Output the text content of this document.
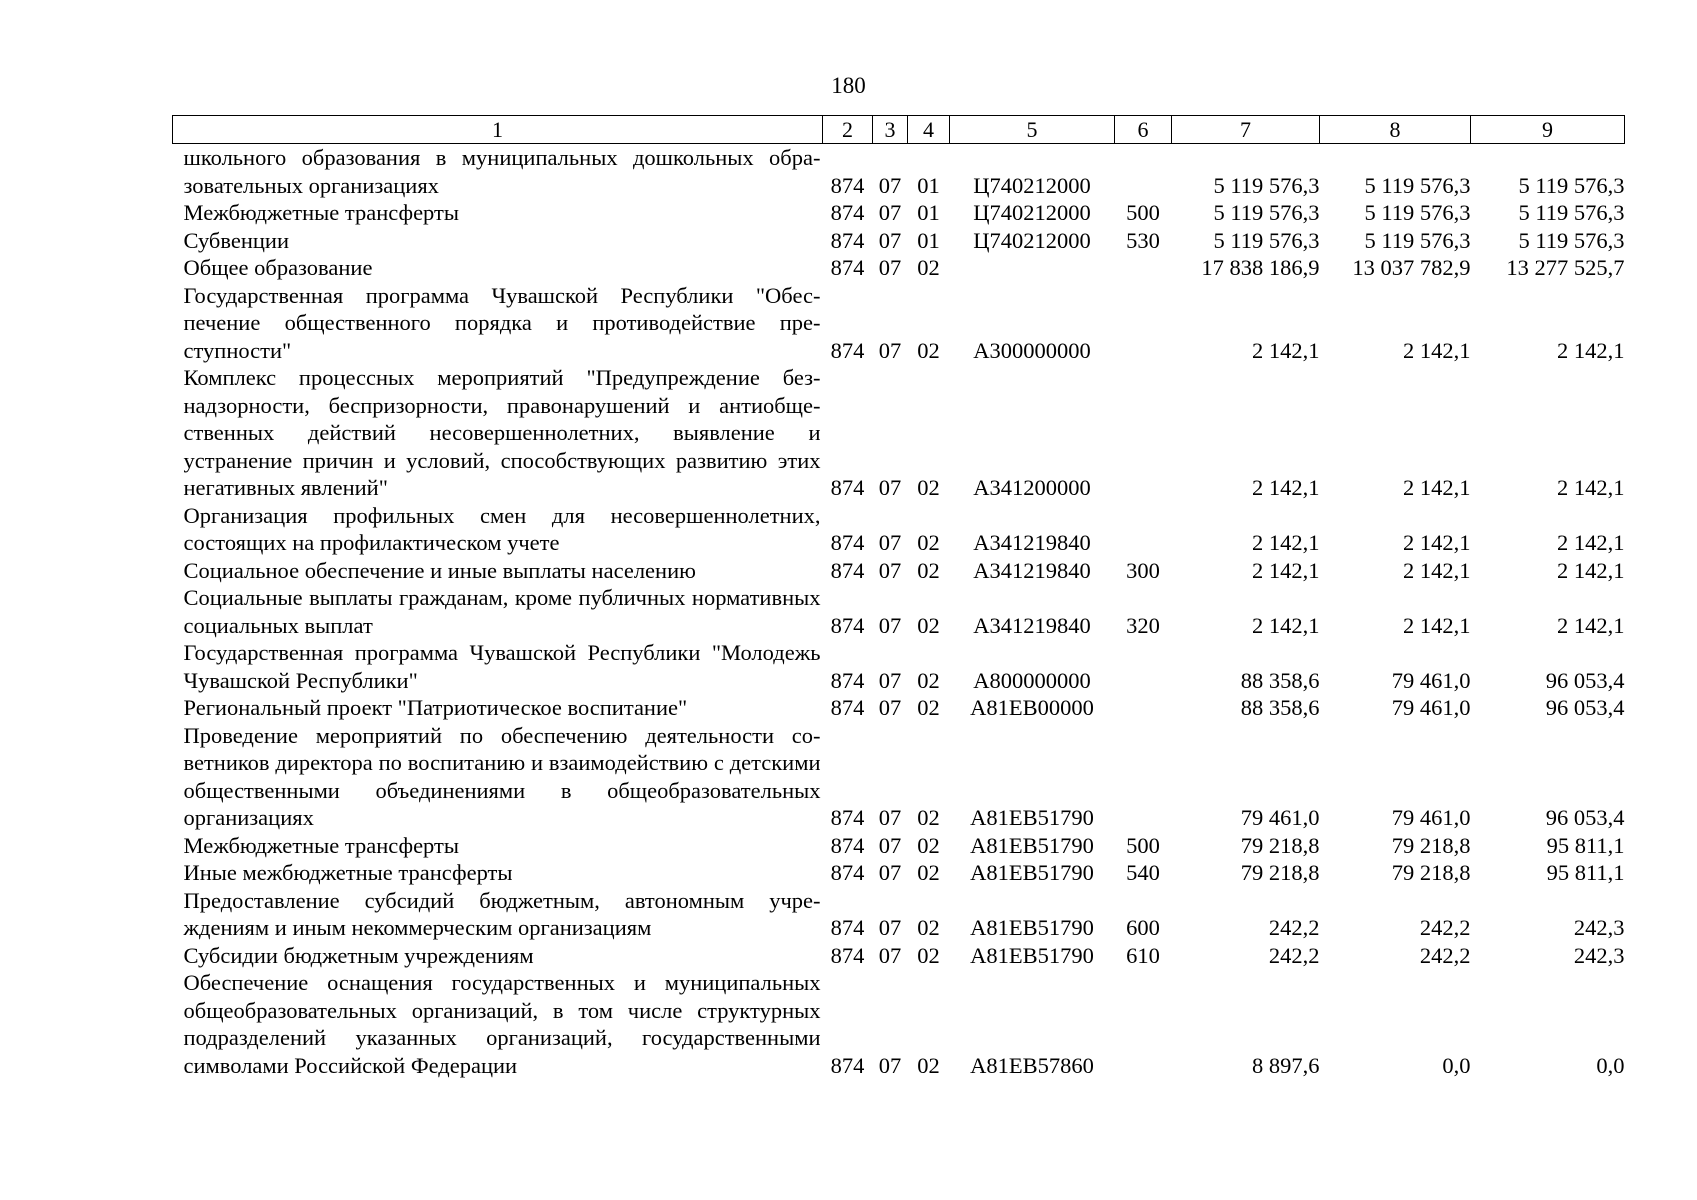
180
1	2	3	4	5	6	7	8	9
школьного образования в муниципальных дошкольных образовательных организациях	874	07	01	Ц740212000		5 119 576,3	5 119 576,3	5 119 576,3
Межбюджетные трансферты	874	07	01	Ц740212000	500	5 119 576,3	5 119 576,3	5 119 576,3
Субвенции	874	07	01	Ц740212000	530	5 119 576,3	5 119 576,3	5 119 576,3
Общее образование	874	07	02			17 838 186,9	13 037 782,9	13 277 525,7
Государственная программа Чувашской Республики "Обеспечение общественного порядка и противодействие преступности"	874	07	02	А300000000		2 142,1	2 142,1	2 142,1
Комплекс процессных мероприятий "Предупреждение безнадзорности, беспризорности, правонарушений и антиобщественных действий несовершеннолетних, выявление и устранение причин и условий, способствующих развитию этих негативных явлений"	874	07	02	А341200000		2 142,1	2 142,1	2 142,1
Организация профильных смен для несовершеннолетних, состоящих на профилактическом учете	874	07	02	А341219840		2 142,1	2 142,1	2 142,1
Социальное обеспечение и иные выплаты населению	874	07	02	А341219840	300	2 142,1	2 142,1	2 142,1
Социальные выплаты гражданам, кроме публичных нормативных социальных выплат	874	07	02	А341219840	320	2 142,1	2 142,1	2 142,1
Государственная программа Чувашской Республики "Молодежь Чувашской Республики"	874	07	02	А800000000		88 358,6	79 461,0	96 053,4
Региональный проект "Патриотическое воспитание"	874	07	02	А81ЕВ00000		88 358,6	79 461,0	96 053,4
Проведение мероприятий по обеспечению деятельности советников директора по воспитанию и взаимодействию с детскими общественными объединениями в общеобразовательных организациях	874	07	02	А81ЕВ51790		79 461,0	79 461,0	96 053,4
Межбюджетные трансферты	874	07	02	А81ЕВ51790	500	79 218,8	79 218,8	95 811,1
Иные межбюджетные трансферты	874	07	02	А81ЕВ51790	540	79 218,8	79 218,8	95 811,1
Предоставление субсидий бюджетным, автономным учреждениям и иным некоммерческим организациям	874	07	02	А81ЕВ51790	600	242,2	242,2	242,3
Субсидии бюджетным учреждениям	874	07	02	А81ЕВ51790	610	242,2	242,2	242,3
Обеспечение оснащения государственных и муниципальных общеобразовательных организаций, в том числе структурных подразделений указанных организаций, государственными символами Российской Федерации	874	07	02	А81ЕВ57860		8 897,6	0,0	0,0
